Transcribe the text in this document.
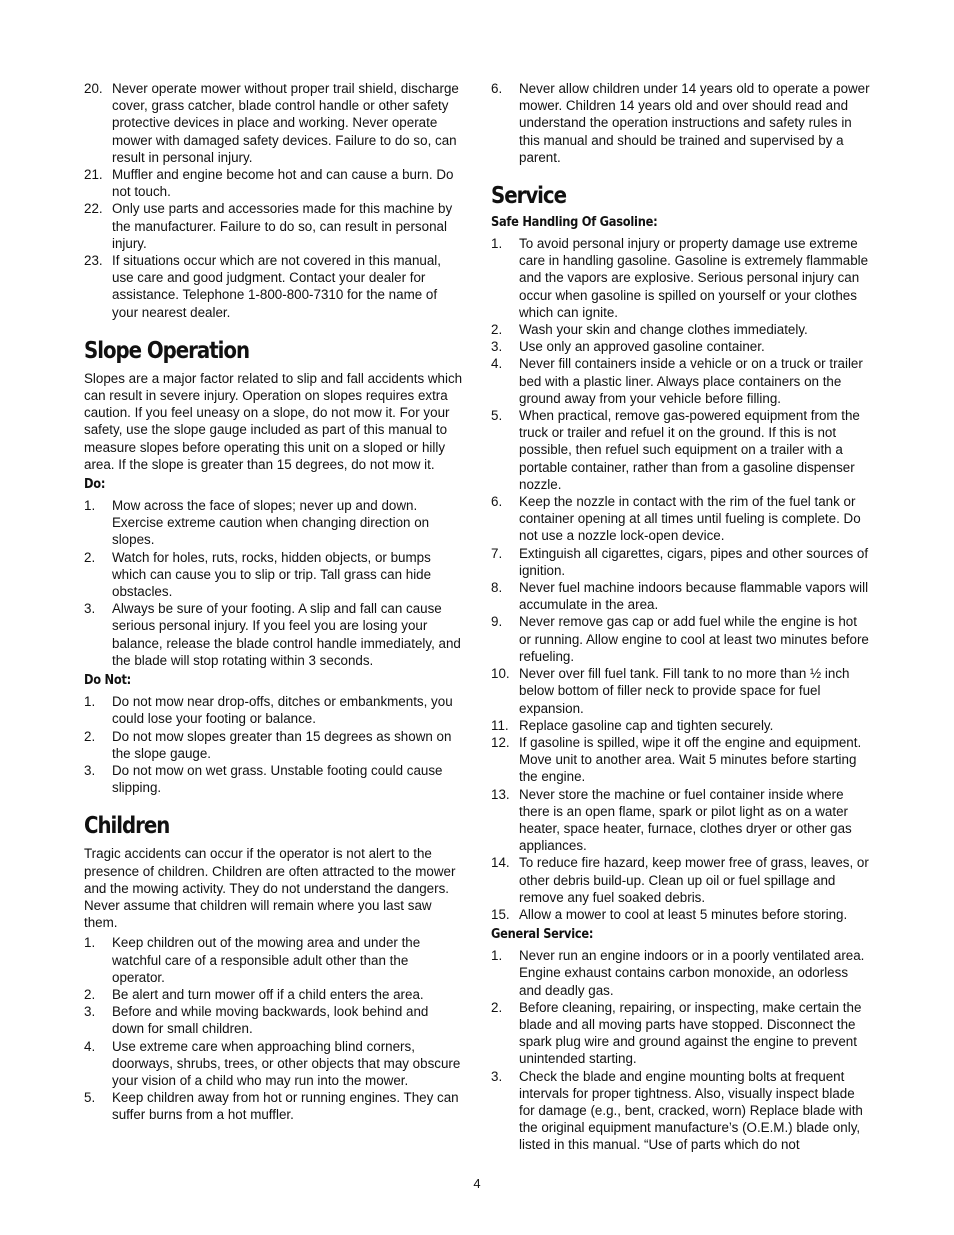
20. Never operate mower without proper trail shield, discharge cover, grass catcher, blade control handle or other safety protective devices in place and working. Never operate mower with damaged safety devices. Failure to do so, can result in personal injury.
21. Muffler and engine become hot and can cause a burn. Do not touch.
22. Only use parts and accessories made for this machine by the manufacturer. Failure to do so, can result in personal injury.
23. If situations occur which are not covered in this manual, use care and good judgment. Contact your dealer for assistance. Telephone 1-800-800-7310 for the name of your nearest dealer.
Slope Operation

Slopes are a major factor related to slip and fall accidents which can result in severe injury. Operation on slopes requires extra caution. If you feel uneasy on a slope, do not mow it. For your safety, use the slope gauge included as part of this manual to measure slopes before operating this unit on a sloped or hilly area. If the slope is greater than 15 degrees, do not mow it.

Do:
1.	Mow across the face of slopes; never up and down. Exercise extreme caution when changing direction on slopes.
2.	Watch for holes, ruts, rocks, hidden objects, or bumps which can cause you to slip or trip. Tall grass can hide obstacles.
3.	Always be sure of your footing. A slip and fall can cause serious personal injury. If you feel you are losing your balance, release the blade control handle immediately, and the blade will stop rotating within 3 seconds.
Do Not:
1.	Do not mow near drop-offs, ditches or embankments, you could lose your footing or balance.
2.	Do not mow slopes greater than 15 degrees as shown on the slope gauge.
3.	Do not mow on wet grass. Unstable footing could cause slipping.
Children

Tragic accidents can occur if the operator is not alert to the presence of children. Children are often attracted to the mower and the mowing activity. They do not understand the dangers. Never assume that children will remain where you last saw them.

1.	Keep children out of the mowing area and under the watchful care of a responsible adult other than the operator.
2.	Be alert and turn mower off if a child enters the area.
3.	Before and while moving backwards, look behind and down for small children.
4.	Use extreme care when approaching blind corners, doorways, shrubs, trees, or other objects that may obscure your vision of a child who may run into the mower.
5.	Keep children away from hot or running engines. They can suffer burns from a hot muffler.
6.	Never allow children under 14 years old to operate a power mower. Children 14 years old and over should read and understand the operation instructions and safety rules in this manual and should be trained and supervised by a parent.
Service
Safe Handling Of Gasoline:
1.	To avoid personal injury or property damage use extreme care in handling gasoline. Gasoline is extremely flammable and the vapors are explosive. Serious personal injury can occur when gasoline is spilled on yourself or your clothes which can ignite.
2.	Wash your skin and change clothes immediately.
3.	Use only an approved gasoline container.
4.	Never fill containers inside a vehicle or on a truck or trailer bed with a plastic liner. Always place containers on the ground away from your vehicle before filling.
5.	When practical, remove gas-powered equipment from the truck or trailer and refuel it on the ground. If this is not possible, then refuel such equipment on a trailer with a portable container, rather than from a gasoline dispenser nozzle.
6.	Keep the nozzle in contact with the rim of the fuel tank or container opening at all times until fueling is complete. Do not use a nozzle lock-open device.
7.	Extinguish all cigarettes, cigars, pipes and other sources of ignition.
8.	Never fuel machine indoors because flammable vapors will accumulate in the area.
9.	Never remove gas cap or add fuel while the engine is hot or running. Allow engine to cool at least two minutes before refueling.
10. Never over fill fuel tank. Fill tank to no more than ½ inch below bottom of filler neck to provide space for fuel expansion.
11. Replace gasoline cap and tighten securely.
12. If gasoline is spilled, wipe it off the engine and equipment. Move unit to another area. Wait 5 minutes before starting the engine.
13. Never store the machine or fuel container inside where there is an open flame, spark or pilot light as on a water heater, space heater, furnace, clothes dryer or other gas appliances.
14. To reduce fire hazard, keep mower free of grass, leaves, or other debris build-up. Clean up oil or fuel spillage and remove any fuel soaked debris.
15. Allow a mower to cool at least 5 minutes before storing.
General Service:
1.	Never run an engine indoors or in a poorly ventilated area. Engine exhaust contains carbon monoxide, an odorless and deadly gas.
2.	Before cleaning, repairing, or inspecting, make certain the blade and all moving parts have stopped. Disconnect the spark plug wire and ground against the engine to prevent unintended starting.
3.	Check the blade and engine mounting bolts at frequent intervals for proper tightness. Also, visually inspect blade for damage (e.g., bent, cracked, worn) Replace blade with the original equipment manufacture’s (O.E.M.) blade only, listed in this manual. “Use of parts which do not
4
